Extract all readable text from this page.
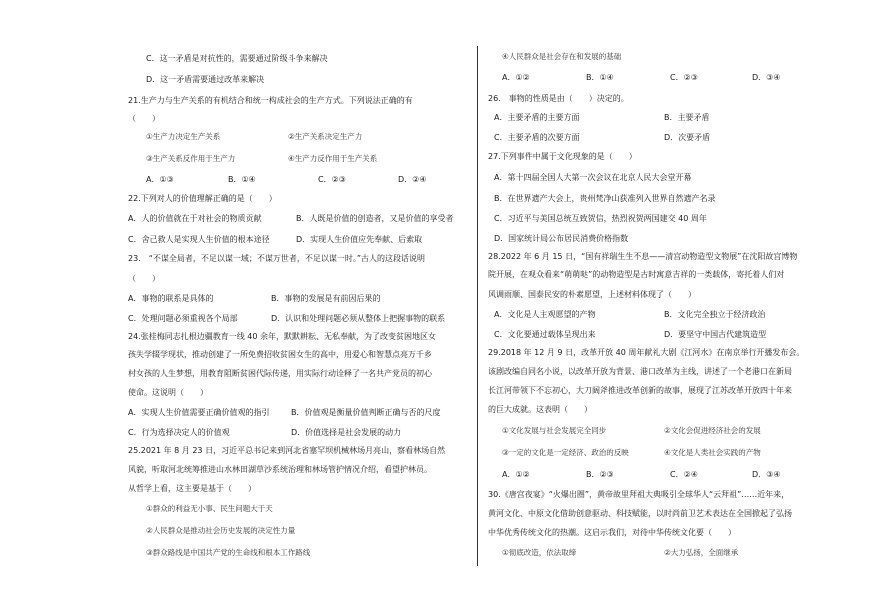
C．这一矛盾是对抗性的，需要通过阶级斗争来解决
D．这一矛盾需要通过改革来解决
21.生产力与生产关系的有机结合和统一构成社会的生产方式。下列说法正确的有
（　　）
①生产力决定生产关系	②生产关系决定生产力
③生产关系反作用于生产力	④生产力反作用于生产关系
A．①③	B．①④	C．②③	D．②④
22.下列对人的价值理解正确的是（　　）
A．人的价值就在于对社会的物质贡献	B．人既是价值的创造者，又是价值的享受者
C．舍己救人是实现人生价值的根本途径	D．实现人生价值应先奉献、后索取
23.　“不谋全局者，不足以谋一域；不谋万世者，不足以谋一时。”古人的这段话说明
（　　）
A．事物的联系是具体的	B．事物的发展是有前因后果的
C．处理问题必须重视各个局部	D．认识和处理问题必须从整体上把握事物的联系
24.张桂梅同志扎根边疆教育一线 40 余年，默默耕耘、无私奉献，为了改变贫困地区女
孩失学辍学现状，推动创建了一所免费招收贫困女生的高中，用爱心和智慧点亮万千乡
村女孩的人生梦想，用教育阻断贫困代际传递，用实际行动诠释了一名共产党员的初心
使命。这说明（　　）
A．实现人生价值需要正确价值观的指引	B．价值观是衡量价值判断正确与否的尺度
C．行为选择决定人的价值观	D．价值选择是社会发展的动力
25.2021 年 8 月 23 日，习近平总书记来到河北省塞罕坝机械林场月亮山，察看林场自然
风貌，听取河北统筹推进山水林田湖草沙系统治理和林场管护情况介绍，看望护林员。
从哲学上看，这主要是基于（　　）
①群众的利益无小事、民生问题大于天
②人民群众是推动社会历史发展的决定性力量
③群众路线是中国共产党的生命线和根本工作路线
④人民群众是社会存在和发展的基础
A．①②	B．①④	C．②③	D．③④
26.　事物的性质是由（　　）决定的。
A．主要矛盾的主要方面	B．主要矛盾
C．主要矛盾的次要方面	D．次要矛盾
27.下列事件中属于文化现象的是（　　）
A．第十四届全国人大第一次会议在北京人民大会堂开幕
B．在世界遗产大会上，贵州梵净山获准列入世界自然遗产名录
C．习近平与美国总统互致贺信，热烈祝贺两国建交 40 周年
D．国家统计局公布居民消费价格指数
28.2022 年 6 月 15 日，“国有祥瑞生生不息——清宫动物造型文物展”在沈阳故宫博物
院开展，在观众看来“萌萌哒”的动物造型是古时寓意吉祥的一类载体，寄托着人们对
风调雨顺、国泰民安的朴素愿望，上述材料体现了（　　）
A．文化是人主观愿望的产物	B．文化完全独立于经济政治
C．文化要通过载体呈现出来	D．要坚守中国古代建筑造型
29.2018 年 12 月 9 日，改革开放 40 周年献礼大剧《江河水》在南京举行开播发布会。
该剧改编自同名小说，以改革开放为背景、港口改革为主线，讲述了一个老港口在新局
长江河带领下不忘初心，大刀阔斧推进改革创新的故事，展现了江苏改革开放四十年来
的巨大成就。这表明（　　）
①文化发展与社会发展完全同步	②文化会促进经济社会的发展
③一定的文化是一定经济、政治的反映	④文化是人类社会实践的产物
A．①②	B．②③	C．②④	D．③④
30.《唐宫夜宴》“火爆出圈”，黄帝故里拜祖大典吸引全球华人“云拜祖”……近年来，
黄河文化、中原文化借助创意驱动、科技赋能，以时尚前卫艺术表达在全国掀起了弘扬
中华优秀传统文化的热潮。这启示我们，对待中华传统文化要（　　）
①彻底改造，依法取缔	②大力弘扬，全面继承
